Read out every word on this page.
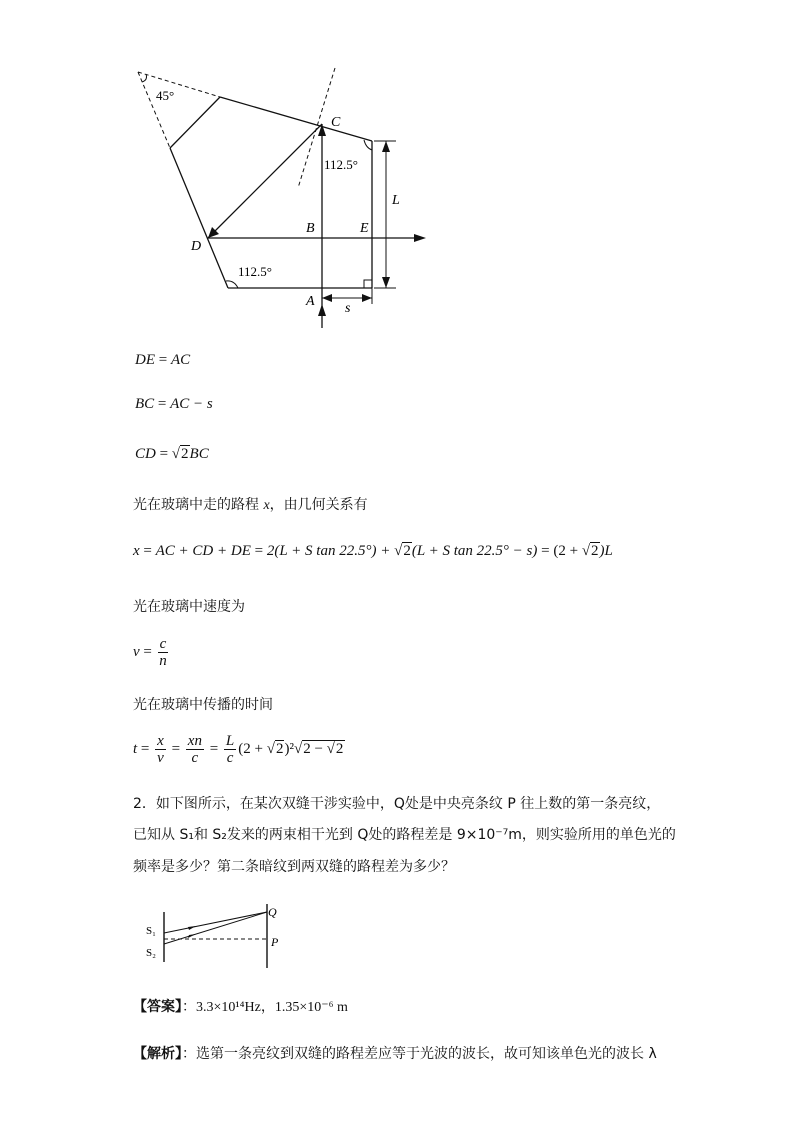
45°
C
112.5°
L
B	E
D
112.5°
A s
DE = AC
BC = AC − s
CD = √2BC
光在玻璃中走的路程 x，由几何关系有
x = AC + CD + DE = 2(L + S tan 22.5°) + √2(L + S tan 22.5° − s) = (2 + √2)L
光在玻璃中速度为
$v = \frac{c}{n}$
光在玻璃中传播的时间
$t = \frac{x}{v} = \frac{xn}{c} = \frac{L}{c} (2 + √2)^2√2 - √2$
2．如下图所示，在某次双缝干涉实验中，Q处是中央亮条纹 P 往上数的第一条亮纹，
已知从 S₁和 S₂发来的两束相干光到 Q处的路程差是 9×10⁻⁷m，则实验所用的单色光的
频率是多少？第二条暗纹到两双缝的路程差为多少？
S₁
S₂
Q
P
【答案】：3.3×10¹⁴Hz，1.35×10⁻⁶ m
【解析】：选第一条亮纹到双缝的路程差应等于光波的波长，故可知该单色光的波长 λ
